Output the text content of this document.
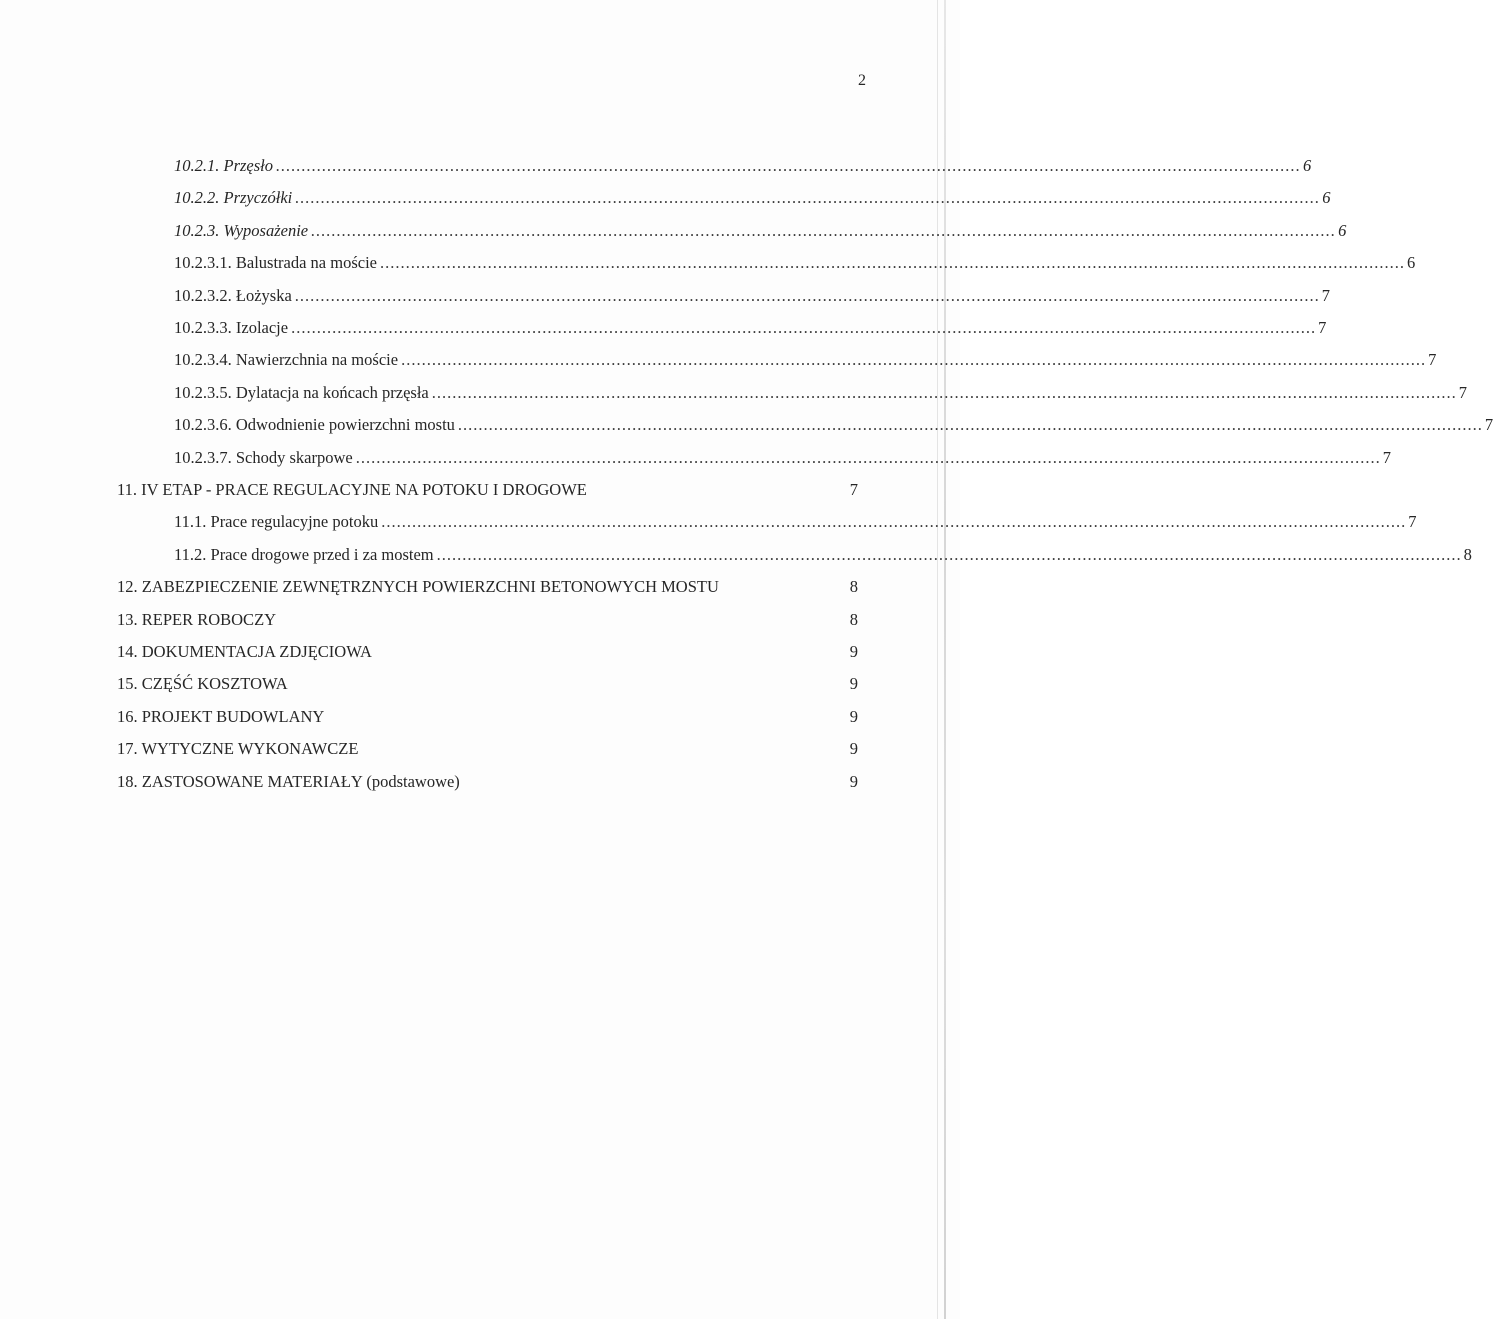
2
10.2.1. Przęsło ........................................................................................................................................................................................................ 6
10.2.2. Przyczółki ........................................................................................................................................................................................................ 6
10.2.3. Wyposażenie ........................................................................................................................................................................................................ 6
10.2.3.1. Balustrada na moście ........................................................................................................................................................................................................ 6
10.2.3.2. Łożyska ........................................................................................................................................................................................................ 7
10.2.3.3. Izolacje ........................................................................................................................................................................................................ 7
10.2.3.4. Nawierzchnia na moście ........................................................................................................................................................................................................ 7
10.2.3.5. Dylatacja na końcach przęsła ........................................................................................................................................................................................................ 7
10.2.3.6. Odwodnienie powierzchni mostu ........................................................................................................................................................................................................ 7
10.2.3.7. Schody skarpowe ........................................................................................................................................................................................................ 7
11. IV ETAP - PRACE REGULACYJNE NA POTOKU I DROGOWE	7
11.1. Prace regulacyjne potoku ........................................................................................................................................................................................................ 7
11.2. Prace drogowe przed i za mostem ........................................................................................................................................................................................................ 8
12. ZABEZPIECZENIE ZEWNĘTRZNYCH POWIERZCHNI BETONOWYCH MOSTU	8
13. REPER ROBOCZY	8
14. DOKUMENTACJA ZDJĘCIOWA	9
15. CZĘŚĆ KOSZTOWA	9
16. PROJEKT BUDOWLANY	9
17. WYTYCZNE WYKONAWCZE	9
18. ZASTOSOWANE MATERIAŁY (podstawowe)	9
